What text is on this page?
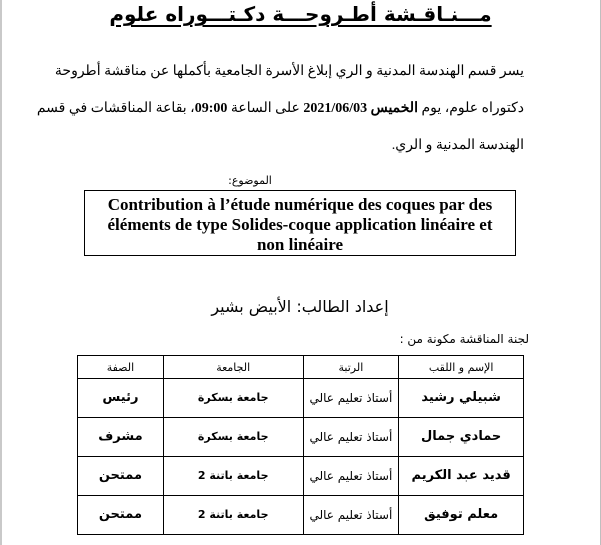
مـــنـاقـشة أطـروحـــة دكـتـــوراه علوم
يسر قسم الهندسة المدنية و الري إبلاغ الأسرة الجامعية بأكملها عن مناقشة أطروحة
دكتوراه علوم، يوم الخميس 2021/06/03 على الساعة 09:00، بقاعة المناقشات في قسم
الهندسة المدنية و الري.
الموضوع:
Contribution à l’étude numérique des coques par des
éléments de type Solides-coque application linéaire et
non linéaire
إعداد الطالب: الأبيض بشير
لجنة المناقشة مكونة من :
الإسم و اللقب	الرتبة	الجامعة	الصفة
شبيلي رشيد	أستاذ تعليم عالي	جامعة بسكرة	رئيس
حمادي جمال	أستاذ تعليم عالي	جامعة بسكرة	مشرف
قديد عبد الكريم	أستاذ تعليم عالي	جامعة باتنة 2	ممتحن
معلم توفيق	أستاذ تعليم عالي	جامعة باتنة 2	ممتحن
